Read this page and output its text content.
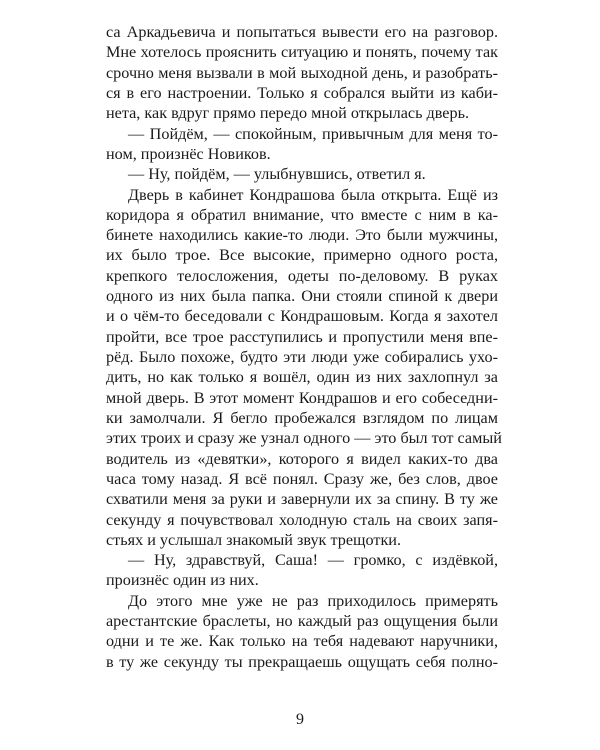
са Аркадьевича и попытаться вывести его на разговор.
Мне хотелось прояснить ситуацию и понять, почему так
срочно меня вызвали в мой выходной день, и разобрать-
ся в его настроении. Только я собрался выйти из каби-
нета, как вдруг прямо передо мной открылась дверь.
— Пойдём, — спокойным, привычным для меня то-
ном, произнёс Новиков.
— Ну, пойдём, — улыбнувшись, ответил я.
Дверь в кабинет Кондрашова была открыта. Ещё из
коридора я обратил внимание, что вместе с ним в ка-
бинете находились какие-то люди. Это были мужчины,
их было трое. Все высокие, примерно одного роста,
крепкого телосложения, одеты по-деловому. В руках
одного из них была папка. Они стояли спиной к двери
и о чём-то беседовали с Кондрашовым. Когда я захотел
пройти, все трое расступились и пропустили меня впе-
рёд. Было похоже, будто эти люди уже собирались ухо-
дить, но как только я вошёл, один из них захлопнул за
мной дверь. В этот момент Кондрашов и его собеседни-
ки замолчали. Я бегло пробежался взглядом по лицам
этих троих и сразу же узнал одного — это был тот самый
водитель из «девятки», которого я видел каких-то два
часа тому назад. Я всё понял. Сразу же, без слов, двое
схватили меня за руки и завернули их за спину. В ту же
секунду я почувствовал холодную сталь на своих запя-
стьях и услышал знакомый звук трещотки.
— Ну, здравствуй, Саша! — громко, с издёвкой,
произнёс один из них.
До этого мне уже не раз приходилось примерять
арестантские браслеты, но каждый раз ощущения были
одни и те же. Как только на тебя надевают наручники,
в ту же секунду ты прекращаешь ощущать себя полно-
9
